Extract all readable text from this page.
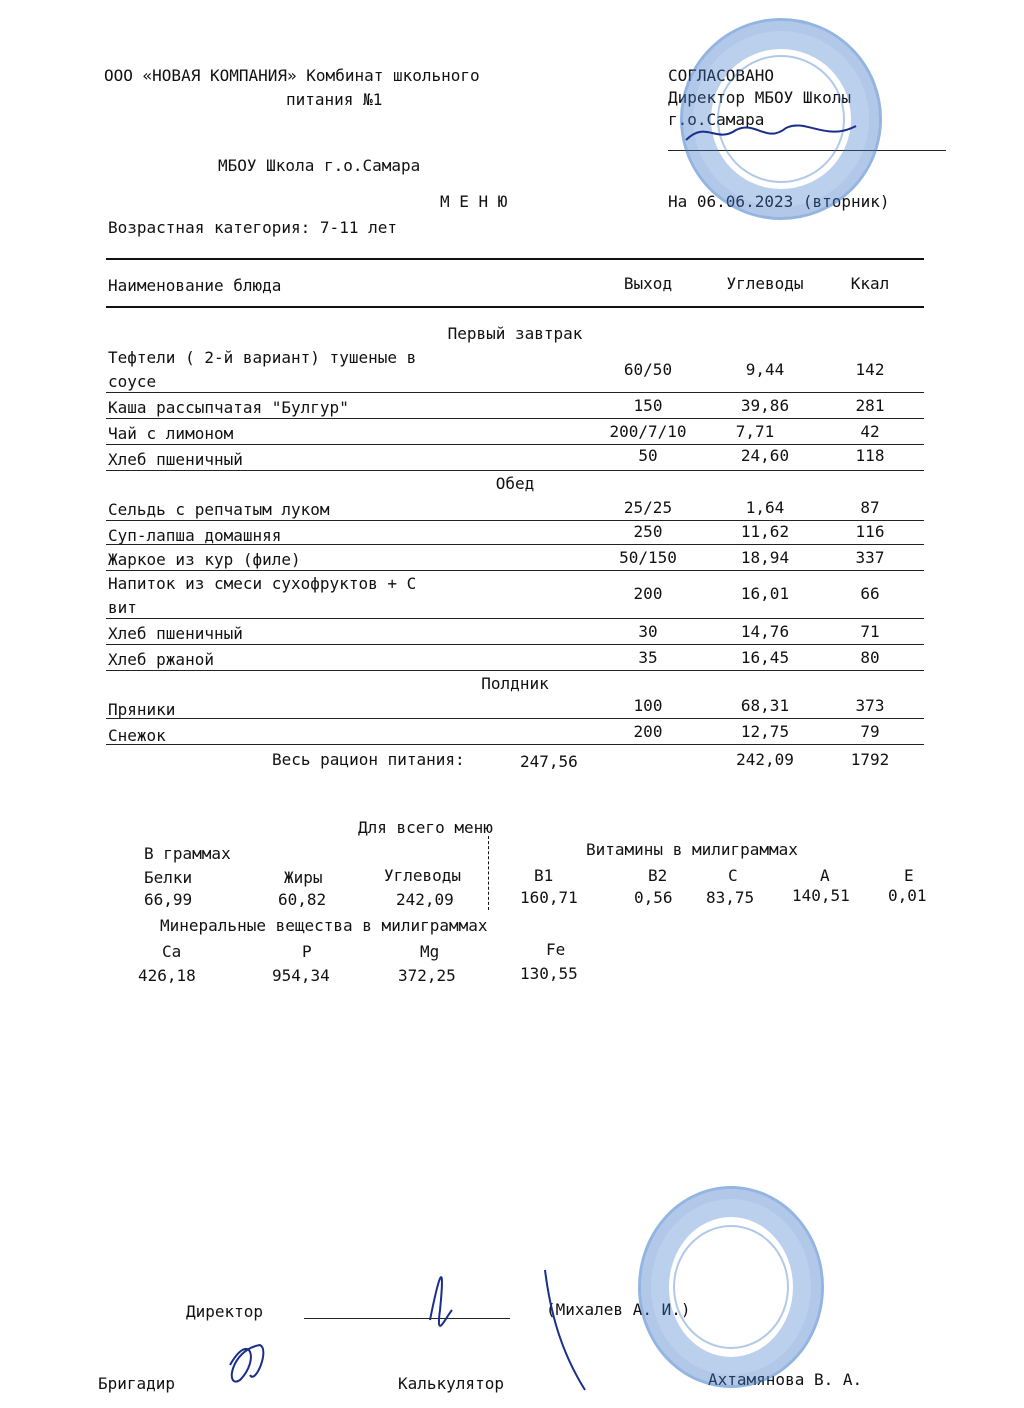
ООО «НОВАЯ КОМПАНИЯ» Комбинат школьного
питания №1
МБОУ Школа г.о.Самара
М Е Н Ю
Возрастная категория: 7-11 лет
СОГЛАСОВАНО
Директор МБОУ Школы
г.о.Самара
На 06.06.2023 (вторник)
Наименование блюда	Выход	Углеводы	Ккал
Первый завтрак
Тефтели ( 2-й вариант) тушеные в
соусе
60/50	9,44	142
Каша рассыпчатая "Булгур"	150	39,86	281
Чай с лимоном	200/7/10	7,71	42
Хлеб пшеничный	50	24,60	118
Обед
Сельдь с репчатым луком	25/25	1,64	87
Суп-лапша домашняя	250	11,62	116
Жаркое из кур (филе)	50/150	18,94	337
Напиток из смеси сухофруктов + С
вит
200	16,01	66
Хлеб пшеничный	30	14,76	71
Хлеб ржаной	35	16,45	80
Полдник
Пряники	100	68,31	373
Снежок	200	12,75	79
Весь рацион питания:	247,56	242,09	1792
Для всего меню
В граммах	Витамины в милиграммах
Белки	Жиры	Углеводы	B1	B2	C	A	E
66,99	60,82	242,09	160,71	0,56 83,75 140,51 0,01
Минеральные вещества в милиграммах
Ca	P	Mg	Fe
426,18	954,34	372,25	130,55
Директор	(Михалев А. И.)
Бригадир	Калькулятор	Ахтамянова В. А.
